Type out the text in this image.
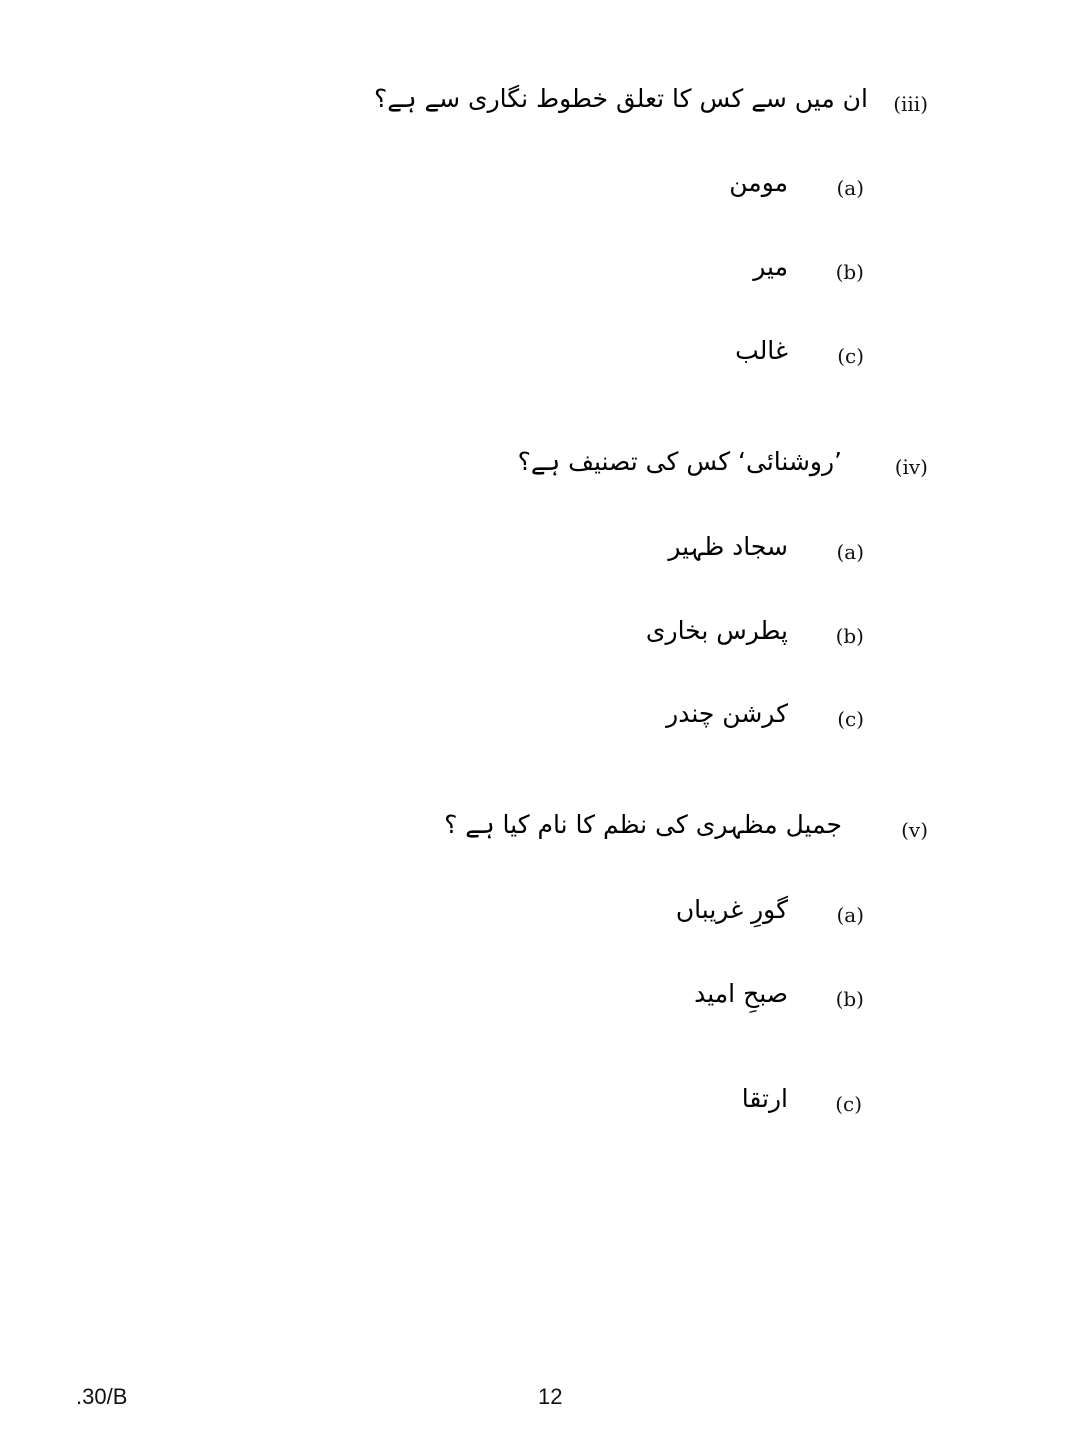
(iii)
ان میں سے کس کا تعلق خطوط نگاری سے ہے؟
(a)
مومن
(b)
میر
(c)
غالب
(iv)
’روشنائی‘ کس کی تصنیف ہے؟
(a)
سجاد ظہیر
(b)
پطرس بخاری
(c)
کرشن چندر
(v)
جمیل مظہری کی نظم کا نام کیا ہے ؟
(a)
گورِ غریباں
(b)
صبحِ امید
(c)
ارتقا
.30/B	12
